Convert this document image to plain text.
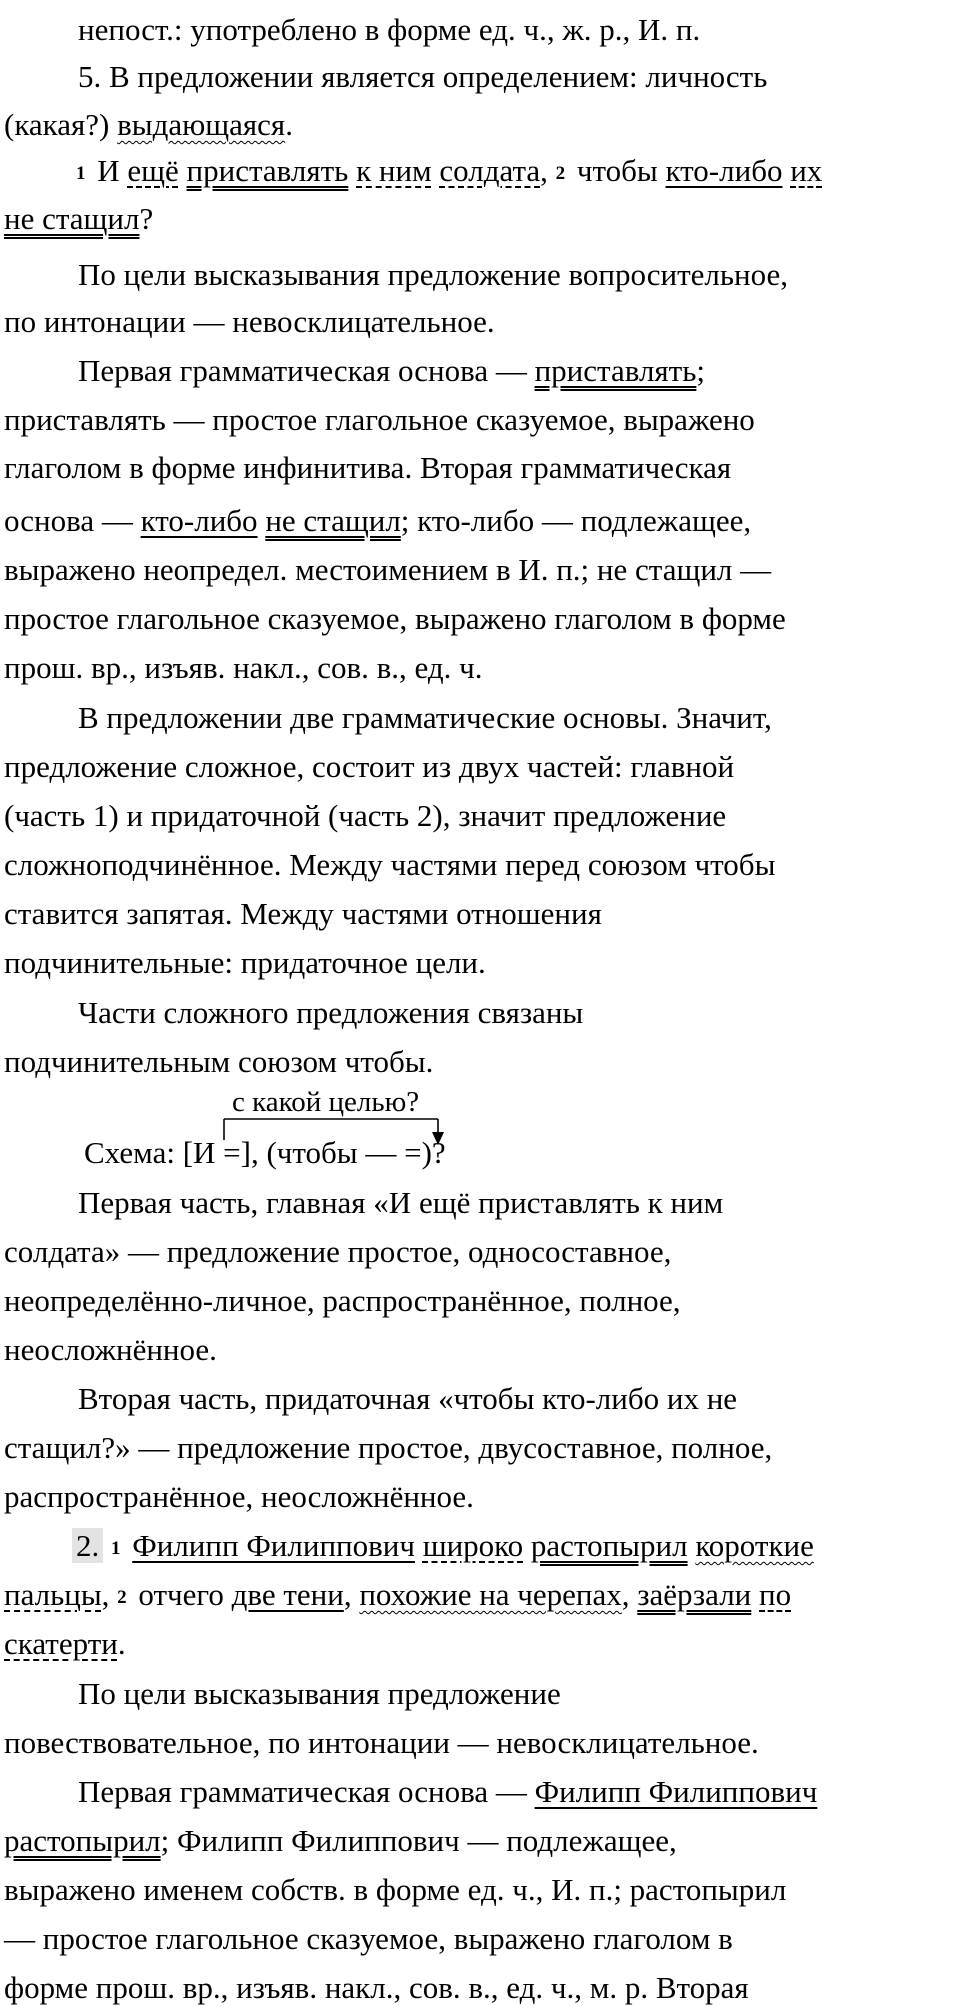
непост.: употреблено в форме ед. ч., ж. р., И. п.
5. В предложении является определением: личность
(какая?) выдающаяся.
1 И ещё приставлять к ним солдата, 2 чтобы кто-либо их
не стащил?
По цели высказывания предложение вопросительное,
по интонации — невосклицательное.
Первая грамматическая основа — приставлять;
приставлять — простое глагольное сказуемое, выражено
глаголом в форме инфинитива. Вторая грамматическая
основа — кто-либо не стащил; кто-либо — подлежащее,
выражено неопредел. местоимением в И. п.; не стащил —
простое глагольное сказуемое, выражено глаголом в форме
прош. вр., изъяв. накл., сов. в., ед. ч.
В предложении две грамматические основы. Значит,
предложение сложное, состоит из двух частей: главной
(часть 1) и придаточной (часть 2), значит предложение
сложноподчинённое. Между частями перед союзом чтобы
ставится запятая. Между частями отношения
подчинительные: придаточное цели.
Части сложного предложения связаны
подчинительным союзом чтобы.
с какой целью?
Схема: [И =], (чтобы — =)?
Первая часть, главная «И ещё приставлять к ним
солдата» — предложение простое, односоставное,
неопределённо-личное, распространённое, полное,
неосложнённое.
Вторая часть, придаточная «чтобы кто-либо их не
стащил?» — предложение простое, двусоставное, полное,
распространённое, неосложнённое.
2. 1 Филипп Филиппович широко растопырил короткие
пальцы, 2 отчего две тени, похожие на черепах, заёрзали по
скатерти.
По цели высказывания предложение
повествовательное, по интонации — невосклицательное.
Первая грамматическая основа — Филипп Филиппович
растопырил; Филипп Филиппович — подлежащее,
выражено именем собств. в форме ед. ч., И. п.; растопырил
— простое глагольное сказуемое, выражено глаголом в
форме прош. вр., изъяв. накл., сов. в., ед. ч., м. р. Вторая
